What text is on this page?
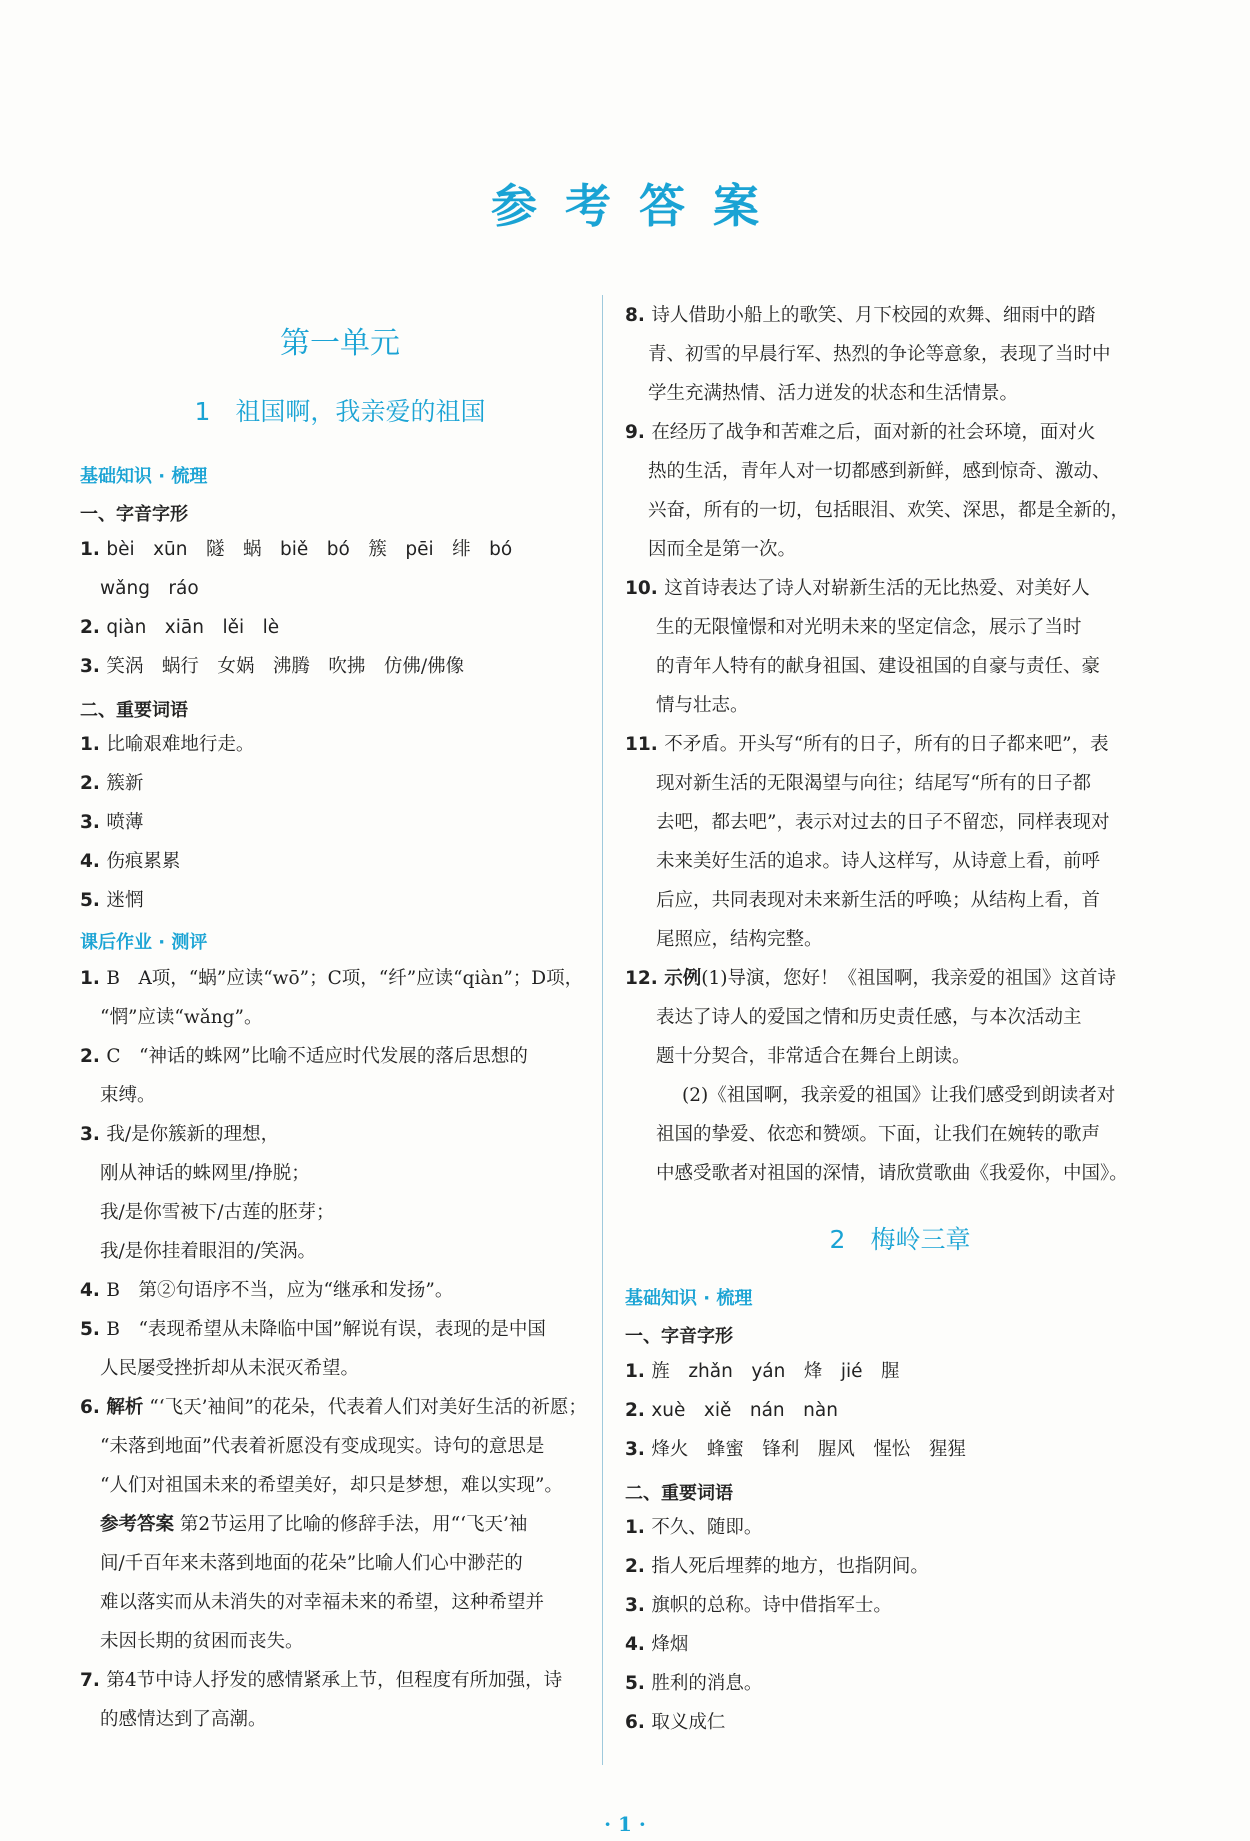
参考答案
第一单元
1　祖国啊，我亲爱的祖国
基础知识 · 梳理
一、字音字形
1. bèi　xūn　隧　蜗　biě　bó　簇　pēi　绯　bó
wǎng　ráo
2. qiàn　xiān　lěi　lè
3. 笑涡　蜗行　女娲　沸腾　吹拂　仿佛/佛像
二、重要词语
1. 比喻艰难地行走。
2. 簇新
3. 喷薄
4. 伤痕累累
5. 迷惘
课后作业 · 测评
1. B　A项，“蜗”应读“wō”；C项，“纤”应读“qiàn”；D项，
“惘”应读“wǎng”。
2. C　“神话的蛛网”比喻不适应时代发展的落后思想的
束缚。
3. 我/是你簇新的理想，
刚从神话的蛛网里/挣脱；
我/是你雪被下/古莲的胚芽；
我/是你挂着眼泪的/笑涡。
4. B　第②句语序不当，应为“继承和发扬”。
5. B　“表现希望从未降临中国”解说有误，表现的是中国
人民屡受挫折却从未泯灭希望。
6. 解析 “‘飞天’袖间”的花朵，代表着人们对美好生活的祈愿；
“未落到地面”代表着祈愿没有变成现实。诗句的意思是
“人们对祖国未来的希望美好，却只是梦想，难以实现”。
参考答案 第2节运用了比喻的修辞手法，用“‘飞天’袖
间/千百年来未落到地面的花朵”比喻人们心中渺茫的
难以落实而从未消失的对幸福未来的希望，这种希望并
未因长期的贫困而丧失。
7. 第4节中诗人抒发的感情紧承上节，但程度有所加强，诗
的感情达到了高潮。
8. 诗人借助小船上的歌笑、月下校园的欢舞、细雨中的踏
青、初雪的早晨行军、热烈的争论等意象，表现了当时中
学生充满热情、活力迸发的状态和生活情景。
9. 在经历了战争和苦难之后，面对新的社会环境，面对火
热的生活，青年人对一切都感到新鲜，感到惊奇、激动、
兴奋，所有的一切，包括眼泪、欢笑、深思，都是全新的，
因而全是第一次。
10. 这首诗表达了诗人对崭新生活的无比热爱、对美好人
生的无限憧憬和对光明未来的坚定信念，展示了当时
的青年人特有的献身祖国、建设祖国的自豪与责任、豪
情与壮志。
11. 不矛盾。开头写“所有的日子，所有的日子都来吧”，表
现对新生活的无限渴望与向往；结尾写“所有的日子都
去吧，都去吧”，表示对过去的日子不留恋，同样表现对
未来美好生活的追求。诗人这样写，从诗意上看，前呼
后应，共同表现对未来新生活的呼唤；从结构上看，首
尾照应，结构完整。
12. 示例(1)导演，您好！《祖国啊，我亲爱的祖国》这首诗
表达了诗人的爱国之情和历史责任感，与本次活动主
题十分契合，非常适合在舞台上朗读。
(2)《祖国啊，我亲爱的祖国》让我们感受到朗读者对
祖国的挚爱、依恋和赞颂。下面，让我们在婉转的歌声
中感受歌者对祖国的深情，请欣赏歌曲《我爱你，中国》。
2　梅岭三章
基础知识 · 梳理
一、字音字形
1. 旌　zhǎn　yán　烽　jié　腥
2. xuè　xiě　nán　nàn
3. 烽火　蜂蜜　锋利　腥风　惺忪　猩猩
二、重要词语
1. 不久、随即。
2. 指人死后埋葬的地方，也指阴间。
3. 旗帜的总称。诗中借指军士。
4. 烽烟
5. 胜利的消息。
6. 取义成仁
· 1 ·
